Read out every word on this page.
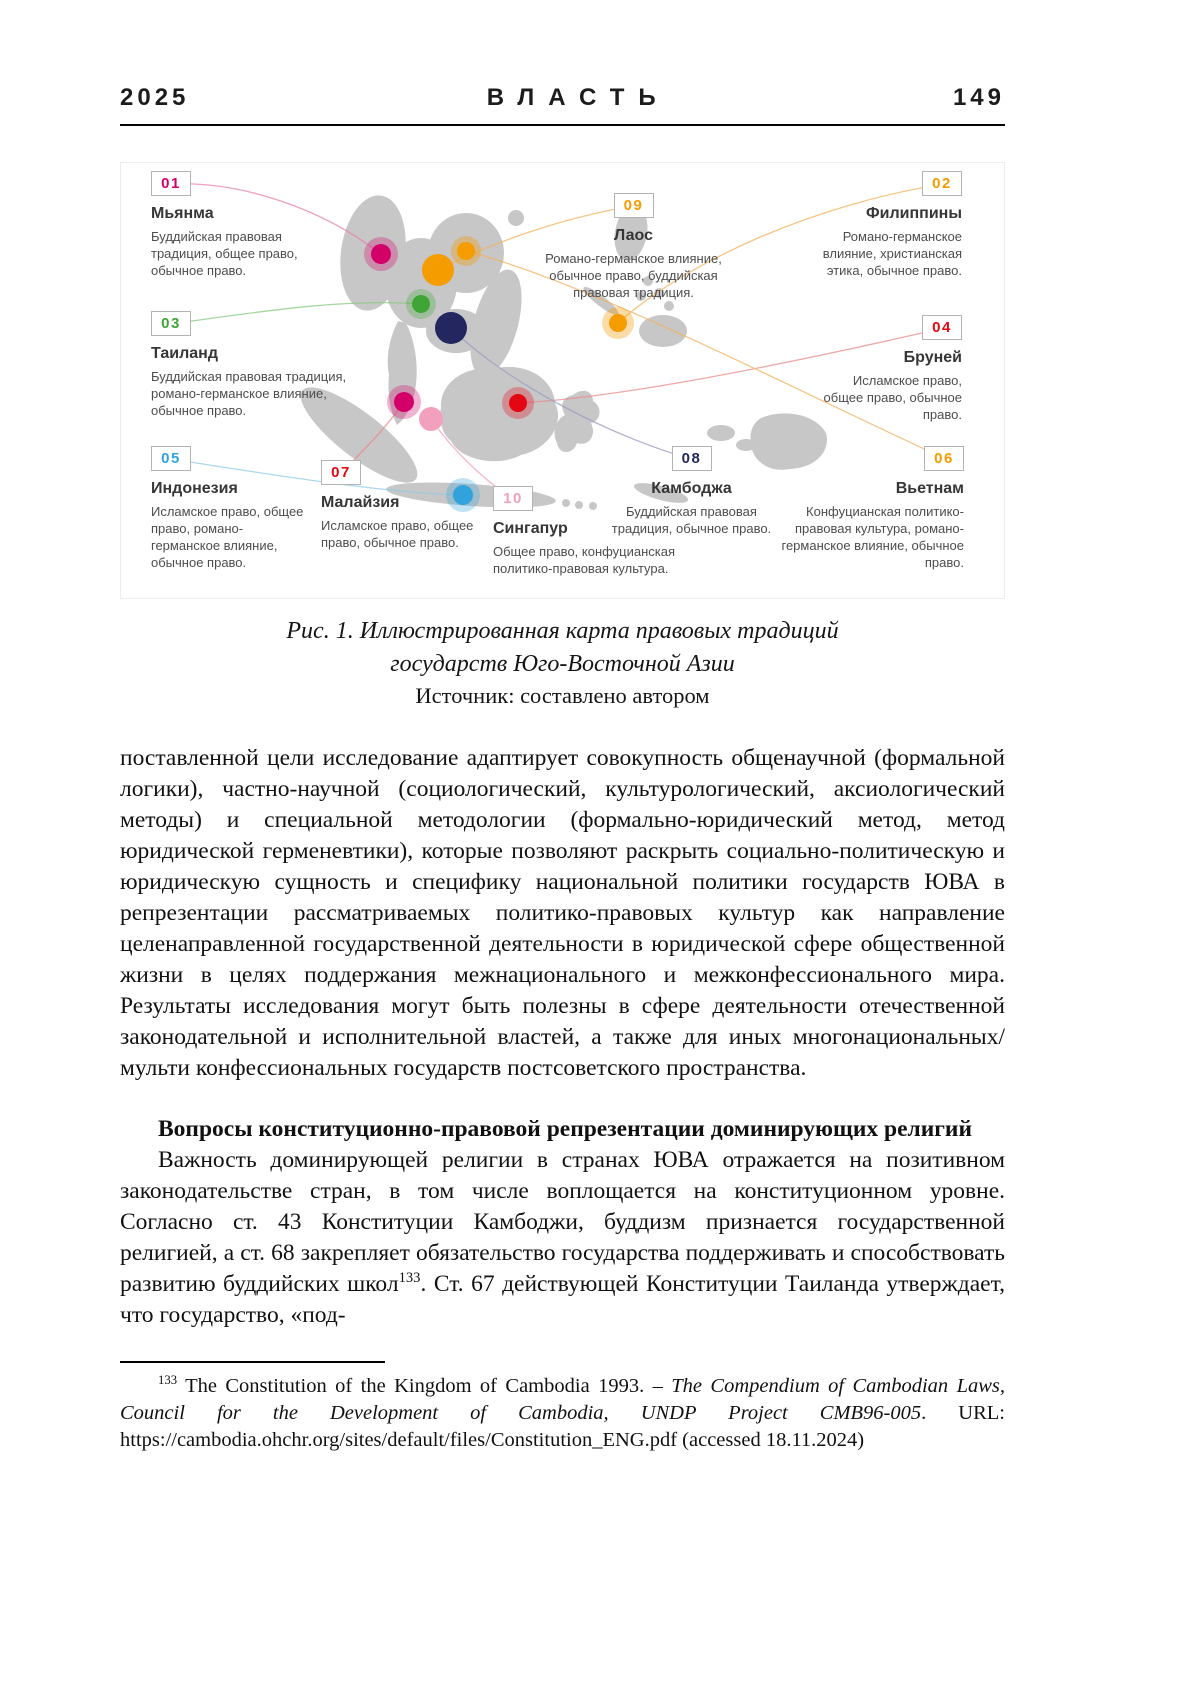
2025	ВЛАСТЬ	149
01
Мьянма
Буддийская правовая традиция, общее право, обычное право.
02
Филиппины
Романо-германское влияние, христианская этика, обычное право.
03
Таиланд
Буддийская правовая традиция, романо-германское влияние, обычное право.
04
Бруней
Исламское право, общее право, обычное право.
05
Индонезия
Исламское право, общее право, романо-германское влияние, обычное право.
06
Вьетнам
Конфуцианская политико-правовая культура, романо-германское влияние, обычное право.
07
Малайзия
Исламское право, общее право, обычное право.
08
Камбоджа
Буддийская правовая традиция, обычное право.
09
Лаос
Романо-германское влияние, обычное право, буддийская правовая традиция.
10
Сингапур
Общее право, конфуцианская политико-правовая культура.
Рис. 1. Иллюстрированная карта правовых традиций
государств Юго-Восточной Азии
Источник: составлено автором

поставленной цели исследование адаптирует совокупность общенаучной (формальной логики), частно-научной (социологический, культурологический, аксиологический методы) и специальной методологии (формально-юридический метод, метод юридической герменевтики), которые позволяют раскрыть социально-политическую и юридическую сущность и специфику национальной политики государств ЮВА в репрезентации рассматриваемых политико-правовых культур как направление целенаправленной государственной деятельности в юридической сфере общественной жизни в целях поддержания межнационального и межконфессионального мира. Результаты исследования могут быть полезны в сфере деятельности отечественной законодательной и исполнительной властей, а также для иных многонациональных/мульти конфессиональных государств постсоветского пространства.

Вопросы конституционно-правовой репрезентации доминирующих религий

Важность доминирующей религии в странах ЮВА отражается на позитивном законодательстве стран, в том числе воплощается на конституционном уровне. Согласно ст. 43 Конституции Камбоджи, буддизм признается государственной религией, а ст. 68 закрепляет обязательство государства поддерживать и способствовать развитию буддийских школ$^{133}$. Ст. 67 действующей Конституции Таиланда утверждает, что государство, «под-

$^{133}$ The Constitution of the Kingdom of Cambodia 1993. – The Compendium of Cambodian Laws, Council for the Development of Cambodia, UNDP Project CMB96-005. URL: https://cambodia.ohchr.org/sites/default/files/Constitution_ENG.pdf (accessed 18.11.2024)
